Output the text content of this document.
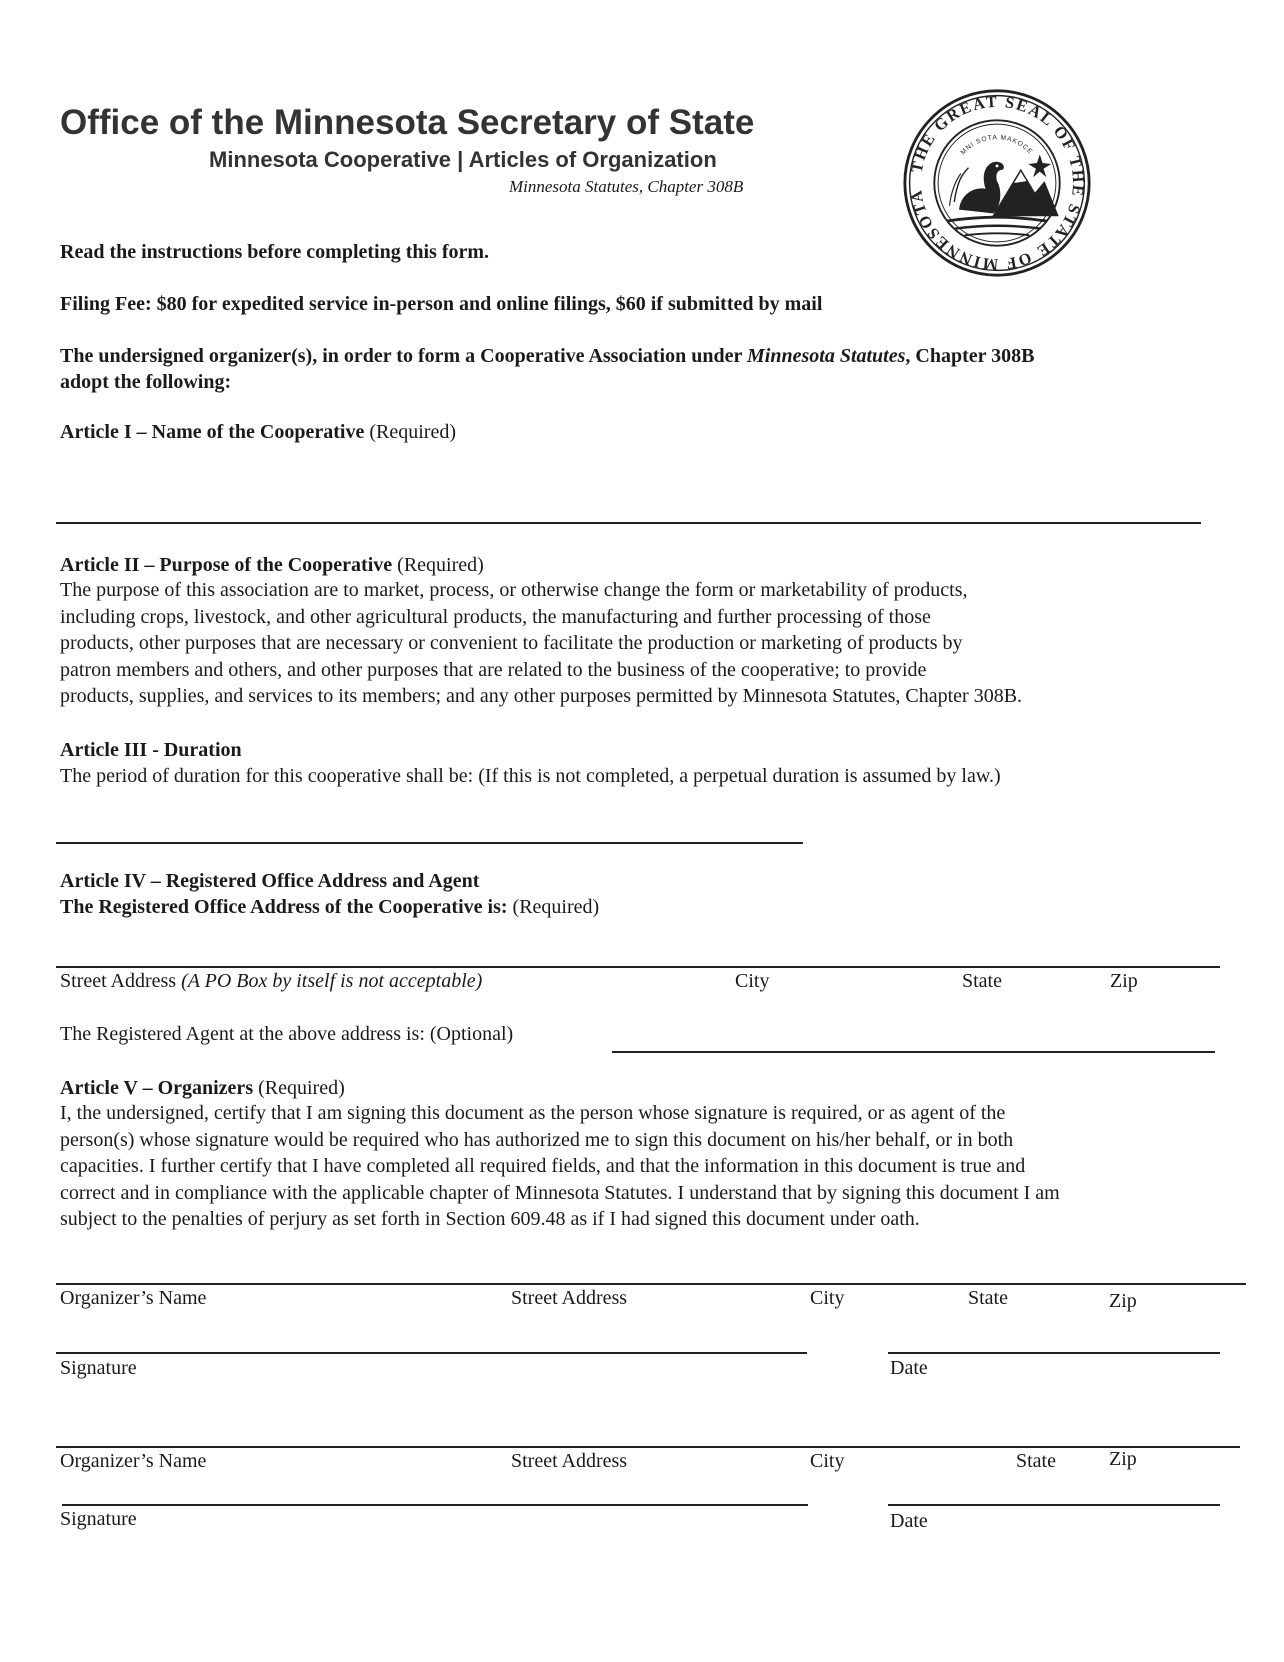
Office of the Minnesota Secretary of State
Minnesota Cooperative | Articles of Organization
Minnesota Statutes, Chapter 308B
THE GREAT SEAL OF THE STATE OF MINNESOTA
MNI SOTA MAKOCE
Read the instructions before completing this form.
Filing Fee: $80 for expedited service in-person and online filings, $60 if submitted by mail
The undersigned organizer(s), in order to form a Cooperative Association under Minnesota Statutes, Chapter 308B
adopt the following:
Article I – Name of the Cooperative (Required)
Article II – Purpose of the Cooperative (Required)
The purpose of this association are to market, process, or otherwise change the form or marketability of products,
including crops, livestock, and other agricultural products, the manufacturing and further processing of those
products, other purposes that are necessary or convenient to facilitate the production or marketing of products by
patron members and others, and other purposes that are related to the business of the cooperative; to provide
products, supplies, and services to its members; and any other purposes permitted by Minnesota Statutes, Chapter 308B.
Article III - Duration
The period of duration for this cooperative shall be: (If this is not completed, a perpetual duration is assumed by law.)
Article IV – Registered Office Address and Agent
The Registered Office Address of the Cooperative is: (Required)
Street Address (A PO Box by itself is not acceptable)	City	State	Zip
The Registered Agent at the above address is: (Optional)
Article V – Organizers (Required)
I, the undersigned, certify that I am signing this document as the person whose signature is required, or as agent of the
person(s) whose signature would be required who has authorized me to sign this document on his/her behalf, or in both
capacities. I further certify that I have completed all required fields, and that the information in this document is true and
correct and in compliance with the applicable chapter of Minnesota Statutes. I understand that by signing this document I am
subject to the penalties of perjury as set forth in Section 609.48 as if I had signed this document under oath.
Organizer’s Name	Street Address	City	State	Zip
Signature	Date
Organizer’s Name	Street Address	City	State	Zip
Signature	Date
